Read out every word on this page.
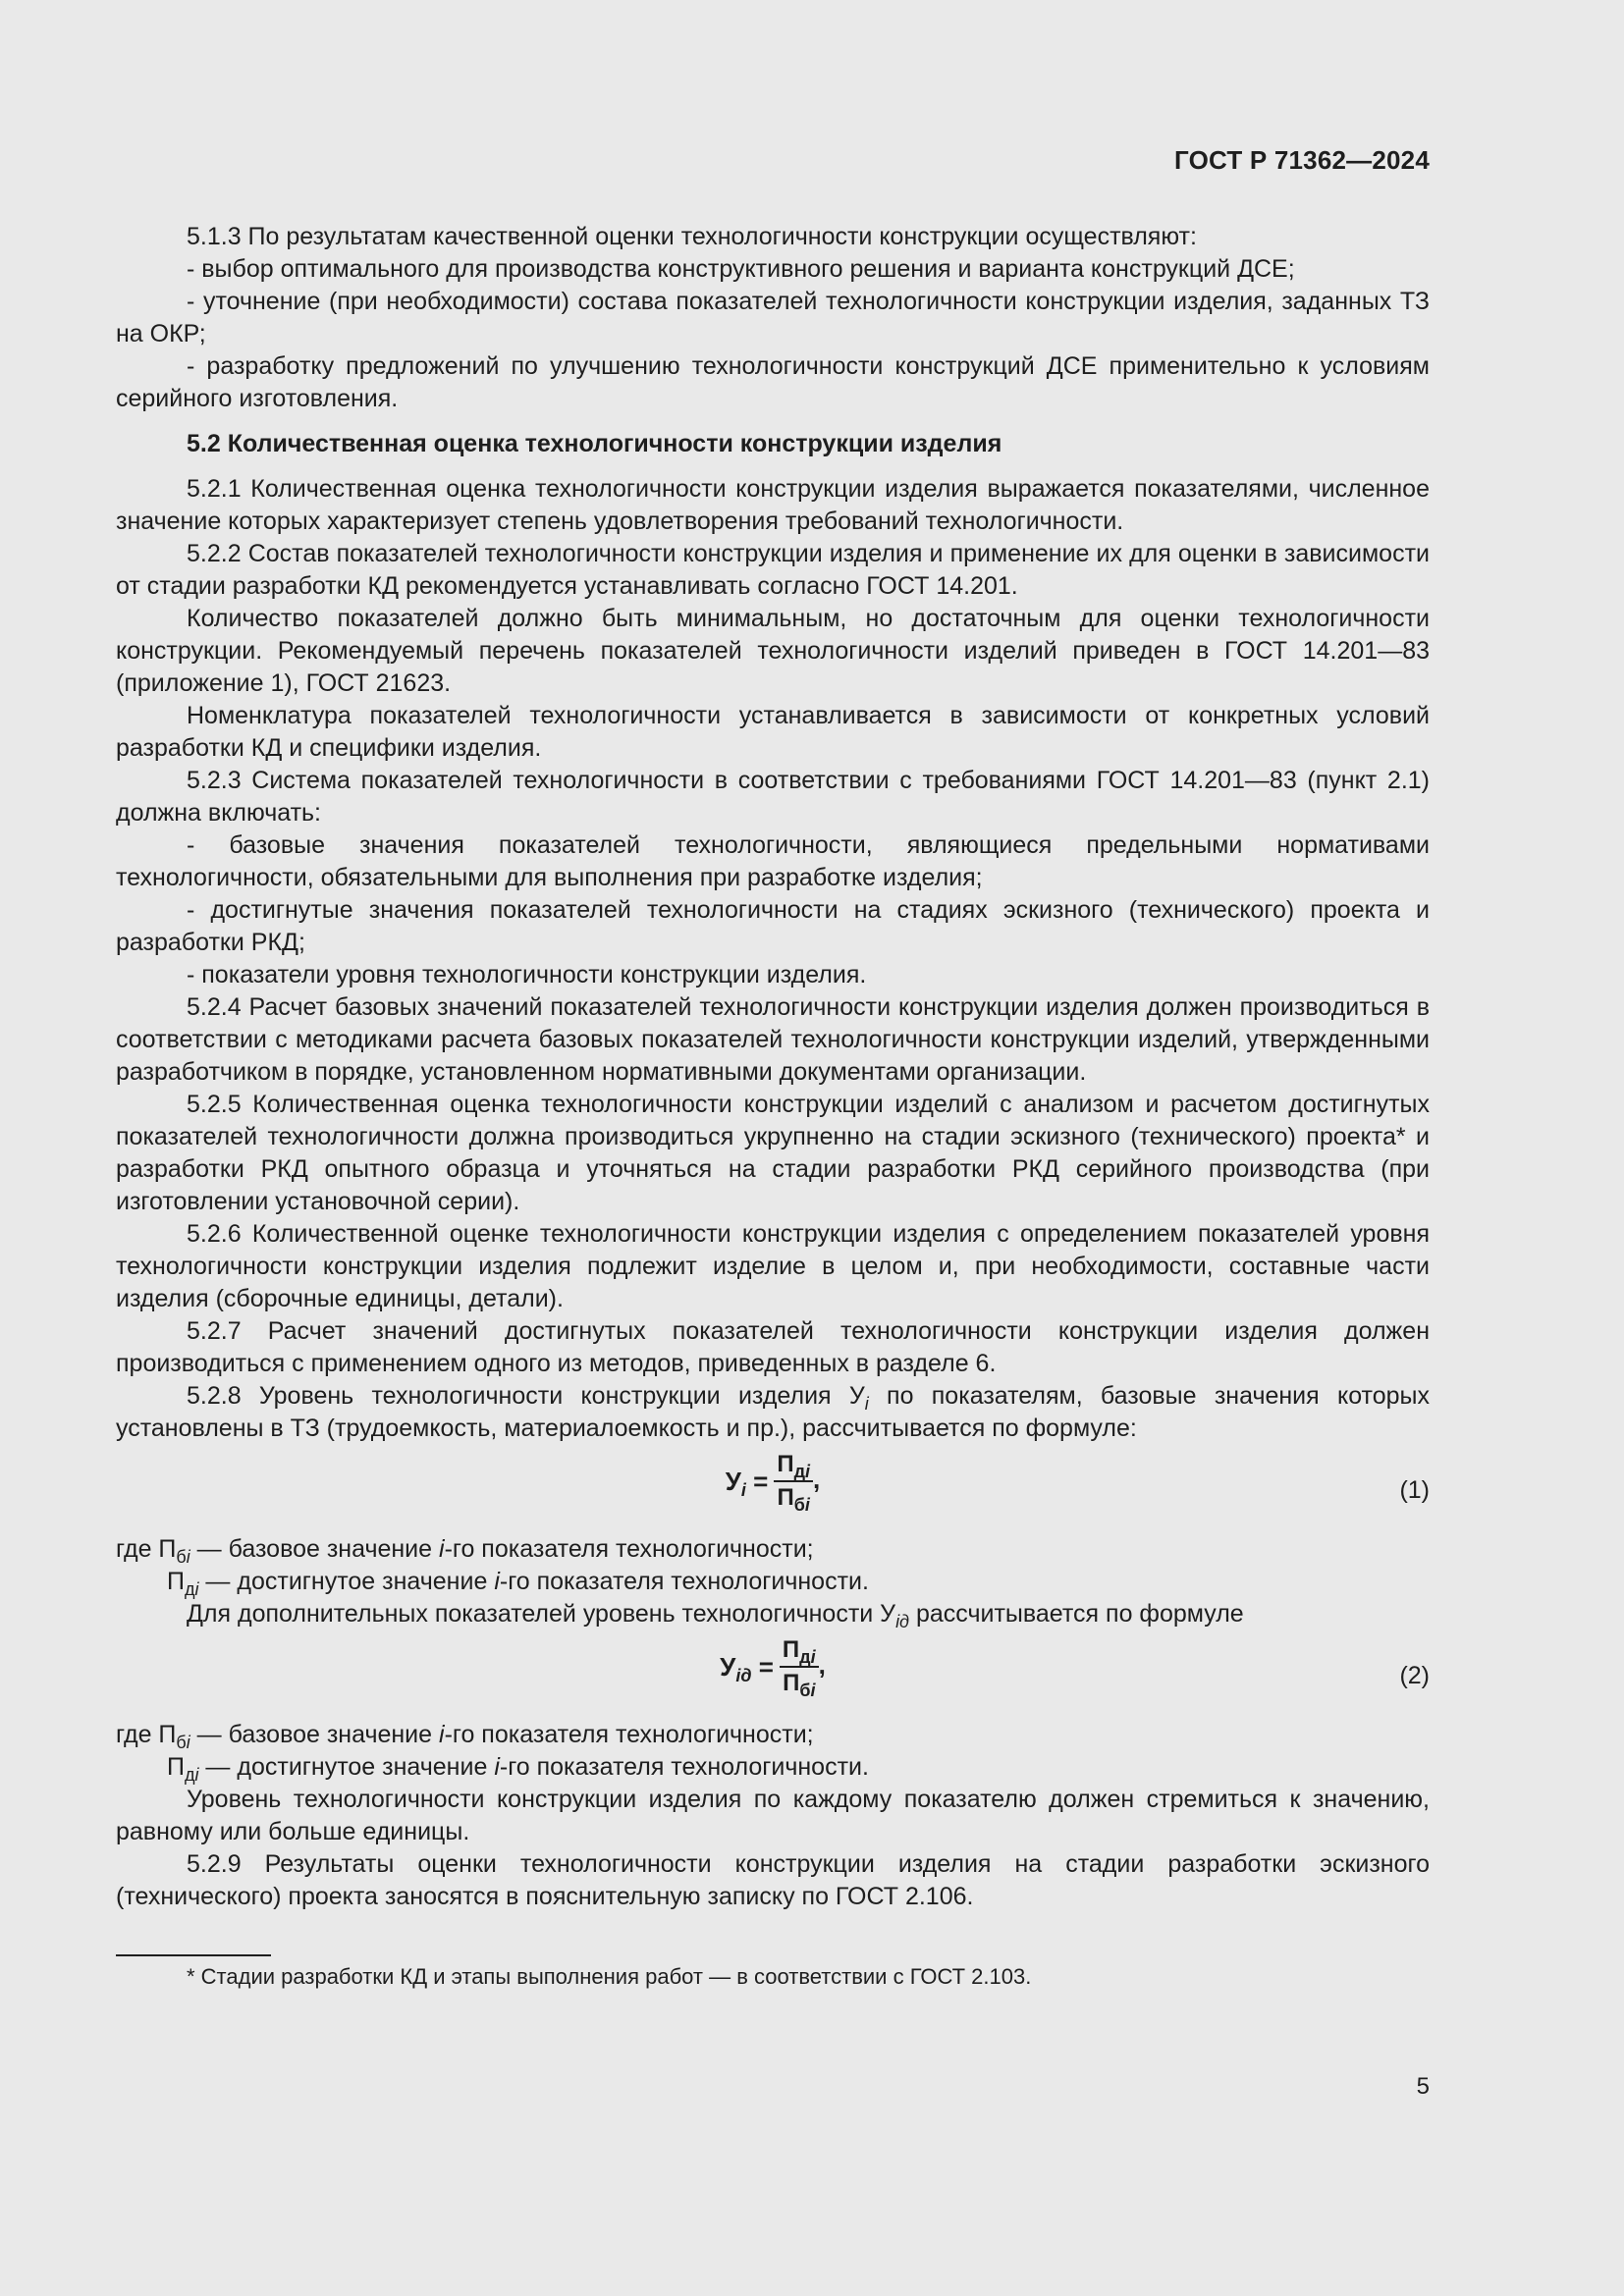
ГОСТ Р 71362—2024

5.1.3 По результатам качественной оценки технологичности конструкции осуществляют:

- выбор оптимального для производства конструктивного решения и варианта конструкций ДСЕ;

- уточнение (при необходимости) состава показателей технологичности конструкции изделия, заданных ТЗ на ОКР;

- разработку предложений по улучшению технологичности конструкций ДСЕ применительно к условиям серийного изготовления.

5.2 Количественная оценка технологичности конструкции изделия

5.2.1 Количественная оценка технологичности конструкции изделия выражается показателями, численное значение которых характеризует степень удовлетворения требований технологичности.

5.2.2 Состав показателей технологичности конструкции изделия и применение их для оценки в зависимости от стадии разработки КД рекомендуется устанавливать согласно ГОСТ 14.201.

Количество показателей должно быть минимальным, но достаточным для оценки технологичности конструкции. Рекомендуемый перечень показателей технологичности изделий приведен в ГОСТ 14.201—83 (приложение 1), ГОСТ 21623.

Номенклатура показателей технологичности устанавливается в зависимости от конкретных условий разработки КД и специфики изделия.

5.2.3 Система показателей технологичности в соответствии с требованиями ГОСТ 14.201—83 (пункт 2.1) должна включать:

- базовые значения показателей технологичности, являющиеся предельными нормативами технологичности, обязательными для выполнения при разработке изделия;

- достигнутые значения показателей технологичности на стадиях эскизного (технического) проекта и разработки РКД;

- показатели уровня технологичности конструкции изделия.

5.2.4 Расчет базовых значений показателей технологичности конструкции изделия должен производиться в соответствии с методиками расчета базовых показателей технологичности конструкции изделий, утвержденными разработчиком в порядке, установленном нормативными документами организации.

5.2.5 Количественная оценка технологичности конструкции изделий с анализом и расчетом достигнутых показателей технологичности должна производиться укрупненно на стадии эскизного (технического) проекта* и разработки РКД опытного образца и уточняться на стадии разработки РКД серийного производства (при изготовлении установочной серии).

5.2.6 Количественной оценке технологичности конструкции изделия с определением показателей уровня технологичности конструкции изделия подлежит изделие в целом и, при необходимости, составные части изделия (сборочные единицы, детали).

5.2.7 Расчет значений достигнутых показателей технологичности конструкции изделия должен производиться с применением одного из методов, приведенных в разделе 6.

5.2.8 Уровень технологичности конструкции изделия $У_i$ по показателям, базовые значения которых установлены в ТЗ (трудоемкость, материалоемкость и пр.), рассчитывается по формуле:

$У_i = \frac{П_{дi}}{П_{бi}}$ ,	(1)
где $П_{бi}$ — базовое значение i-го показателя технологичности;
$П_{дi}$ — достигнутое значение i-го показателя технологичности.

Для дополнительных показателей уровень технологичности $У_{iд}$ рассчитывается по формуле

$У_{iд} = \frac{П_{дi}}{П_{бi}}$ ,	(2)
где $П_{бi}$ — базовое значение i-го показателя технологичности;
$П_{дi}$ — достигнутое значение i-го показателя технологичности.

Уровень технологичности конструкции изделия по каждому показателю должен стремиться к значению, равному или больше единицы.

5.2.9 Результаты оценки технологичности конструкции изделия на стадии разработки эскизного (технического) проекта заносятся в пояснительную записку по ГОСТ 2.106.

* Стадии разработки КД и этапы выполнения работ — в соответствии с ГОСТ 2.103.

5
